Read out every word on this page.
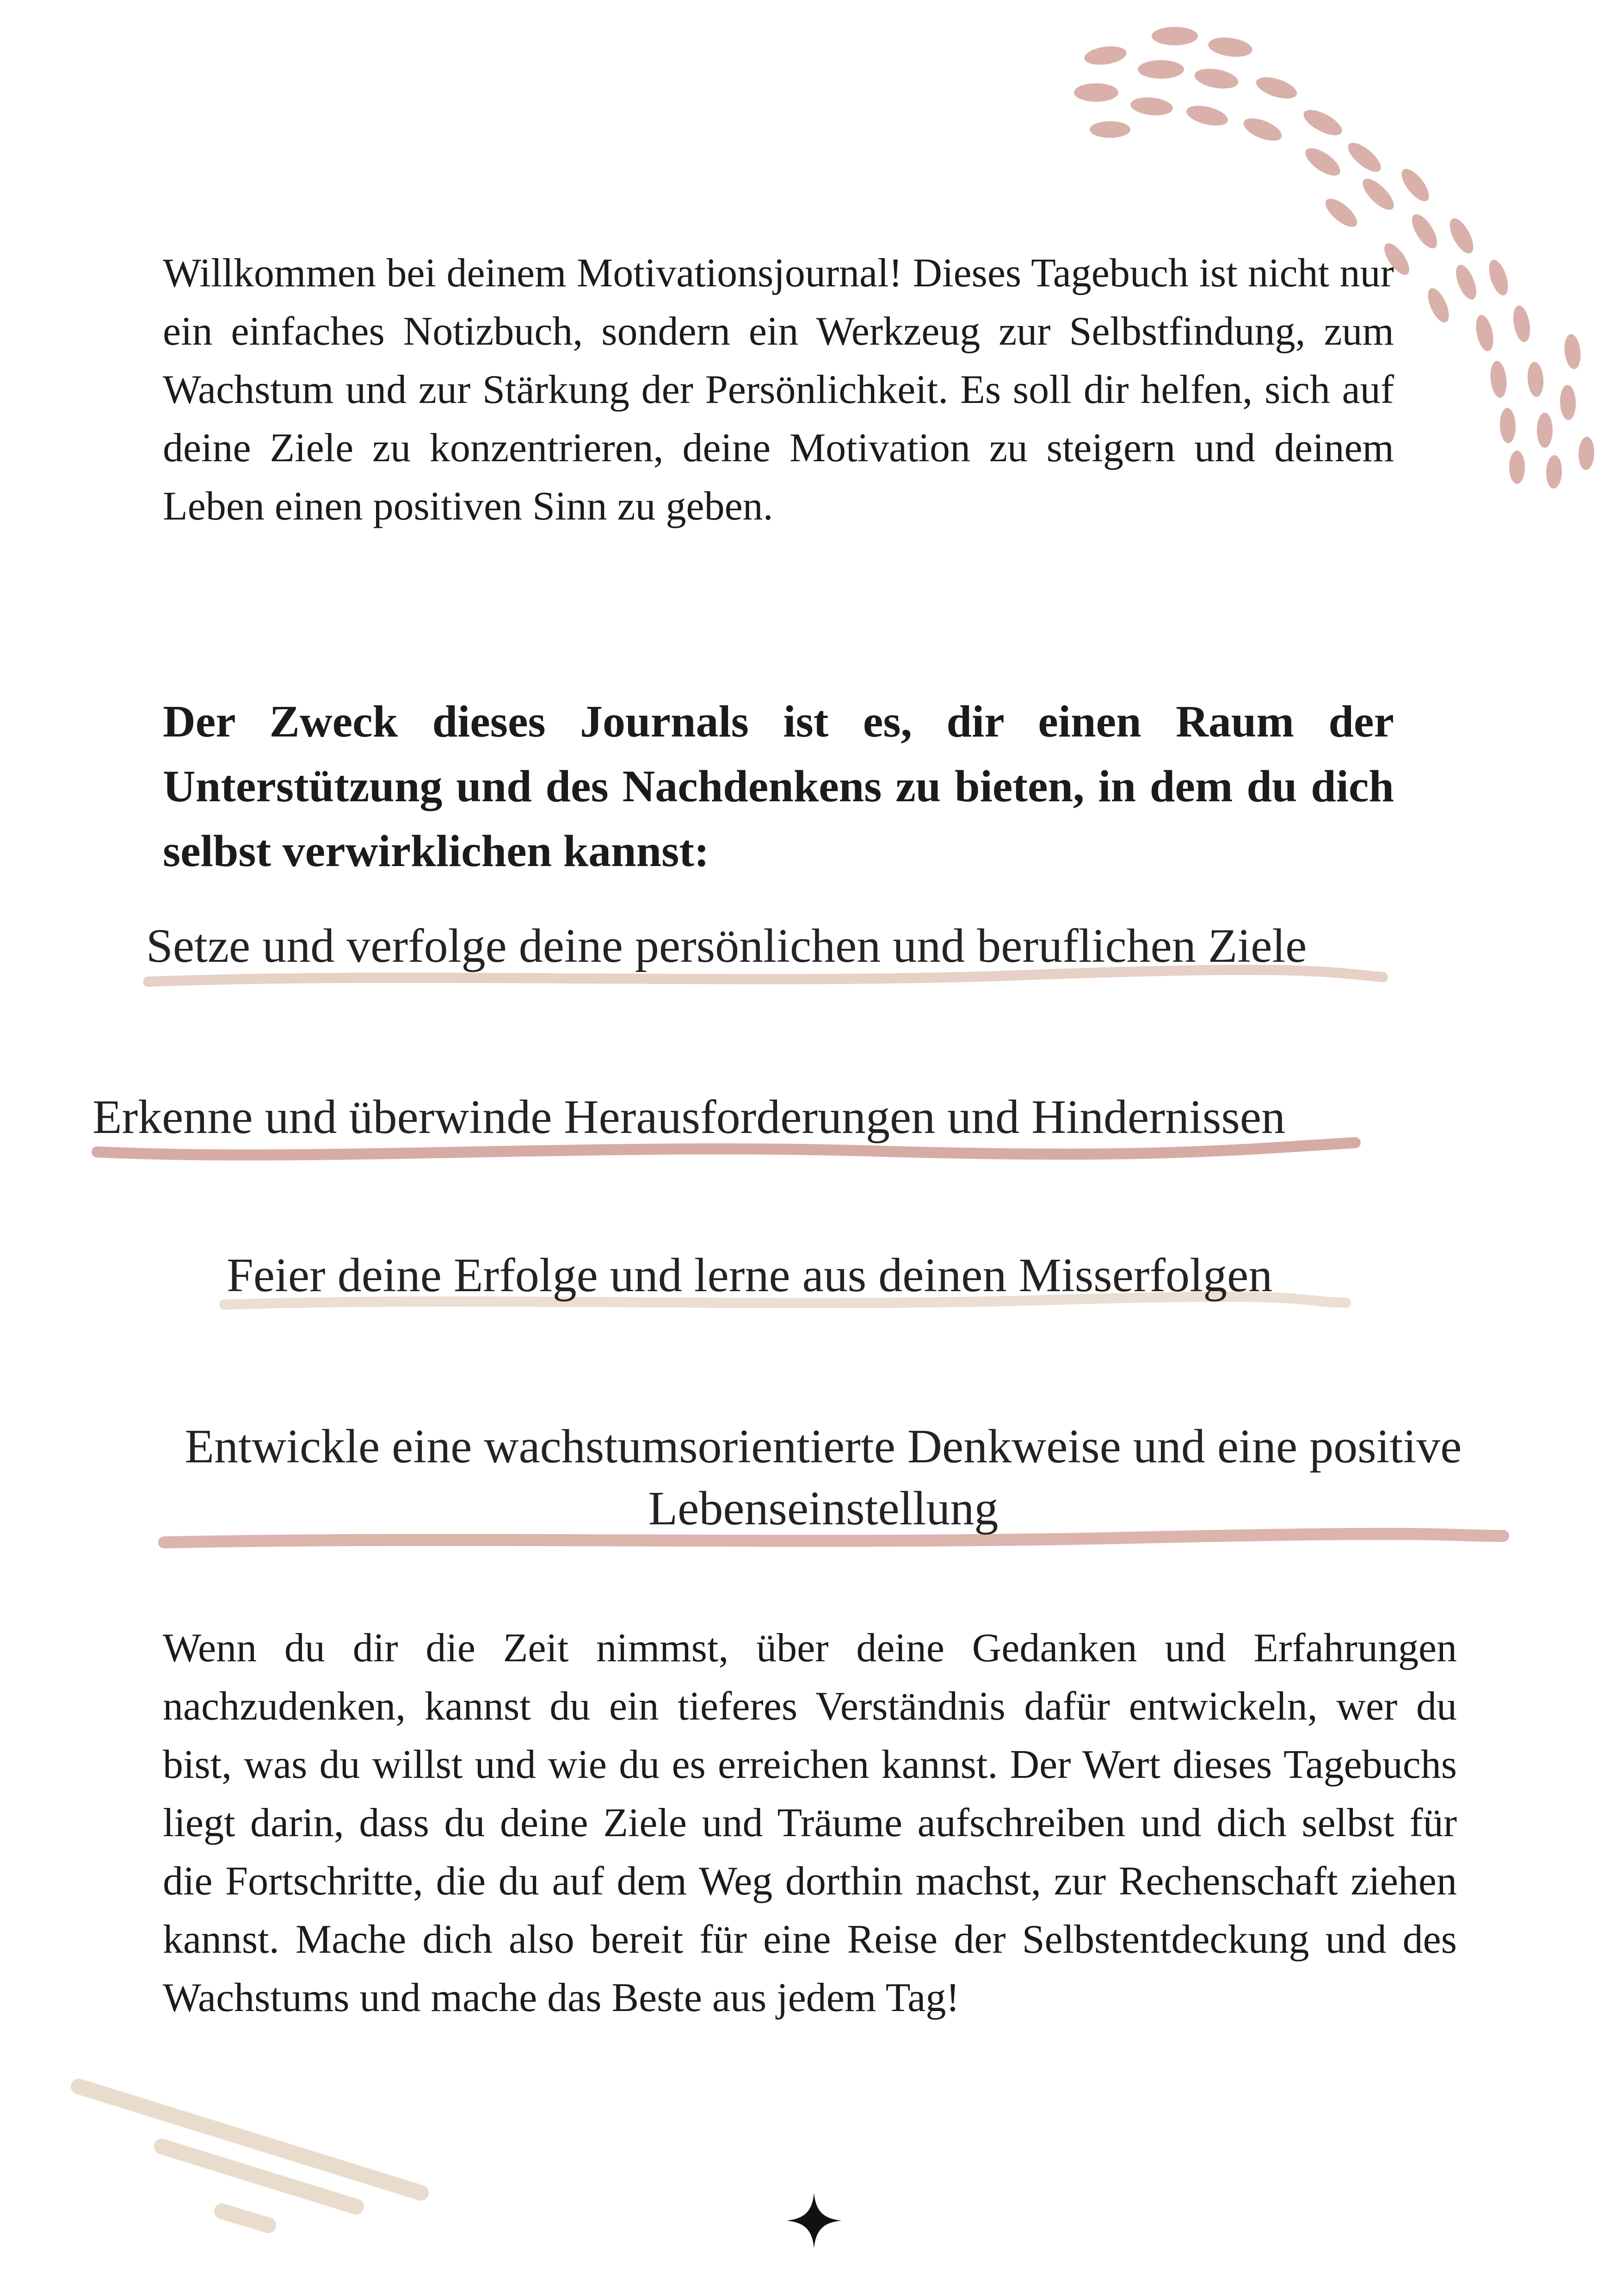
Willkommen bei deinem Motivationsjournal! Dieses Tagebuch ist nicht nur ein einfaches Notizbuch, sondern ein Werkzeug zur Selbstfindung, zum Wachstum und zur Stärkung der Persönlichkeit. Es soll dir helfen, sich auf deine Ziele zu konzentrieren, deine Motivation zu steigern und deinem Leben einen positiven Sinn zu geben.

Der Zweck dieses Journals ist es, dir einen Raum der Unterstützung und des Nachdenkens zu bieten, in dem du dich selbst verwirklichen kannst:

Setze und verfolge deine persönlichen und beruflichen Ziele

Erkenne und überwinde Herausforderungen und Hindernissen

Feier deine Erfolge und lerne aus deinen Misserfolgen

Entwickle eine wachstumsorientierte Denkweise und eine positive Lebenseinstellung

Wenn du dir die Zeit nimmst, über deine Gedanken und Erfahrungen nachzudenken, kannst du ein tieferes Verständnis dafür entwickeln, wer du bist, was du willst und wie du es erreichen kannst. Der Wert dieses Tagebuchs liegt darin, dass du deine Ziele und Träume aufschreiben und dich selbst für die Fortschritte, die du auf dem Weg dorthin machst, zur Rechenschaft ziehen kannst. Mache dich also bereit für eine Reise der Selbstentdeckung und des Wachstums und mache das Beste aus jedem Tag!
